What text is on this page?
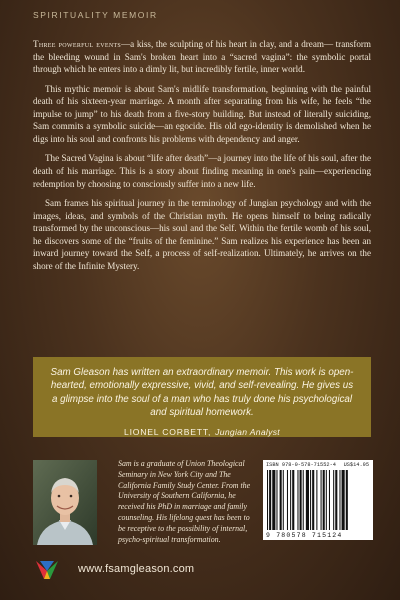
SPIRITUALITY MEMOIR

Three powerful events—a kiss, the sculpting of his heart in clay, and a dream— transform the bleeding wound in Sam's broken heart into a “sacred vagina”: the symbolic portal through which he enters into a dimly lit, but incredibly fertile, inner world.

This mythic memoir is about Sam's midlife transformation, beginning with the painful death of his sixteen-year marriage. A month after separating from his wife, he feels “the impulse to jump” to his death from a five-story building. But instead of literally suiciding, Sam commits a symbolic suicide—an egocide. His old ego-identity is demolished when he digs into his soul and confronts his problems with dependency and anger.

The Sacred Vagina is about “life after death”—a journey into the life of his soul, after the death of his marriage. This is a story about finding meaning in one's pain—experiencing redemption by choosing to consciously suffer into a new life.

Sam frames his spiritual journey in the terminology of Jungian psychology and with the images, ideas, and symbols of the Christian myth. He opens himself to being radically transformed by the unconscious—his soul and the Self. Within the fertile womb of his soul, he discovers some of the “fruits of the feminine.” Sam realizes his experience has been an inward journey toward the Self, a process of self-realization. Ultimately, he arrives on the shore of the Infinite Mystery.

Sam Gleason has written an extraordinary memoir. This work is open-hearted, emotionally expressive, vivid, and self-revealing. He gives us a glimpse into the soul of a man who has truly done his psychological and spiritual homework.
LIONEL CORBETT, Jungian Analyst
Sam is a graduate of Union Theological Seminary in New York City and The California Family Study Center. From the University of Southern California, he received his PhD in marriage and family counseling. His lifelong quest has been to be receptive to the possibility of internal, psycho-spiritual transformation.
ISBN 978-0-578-71552-4 US$14.95
9 780578 715124
www.fsamgleason.com
